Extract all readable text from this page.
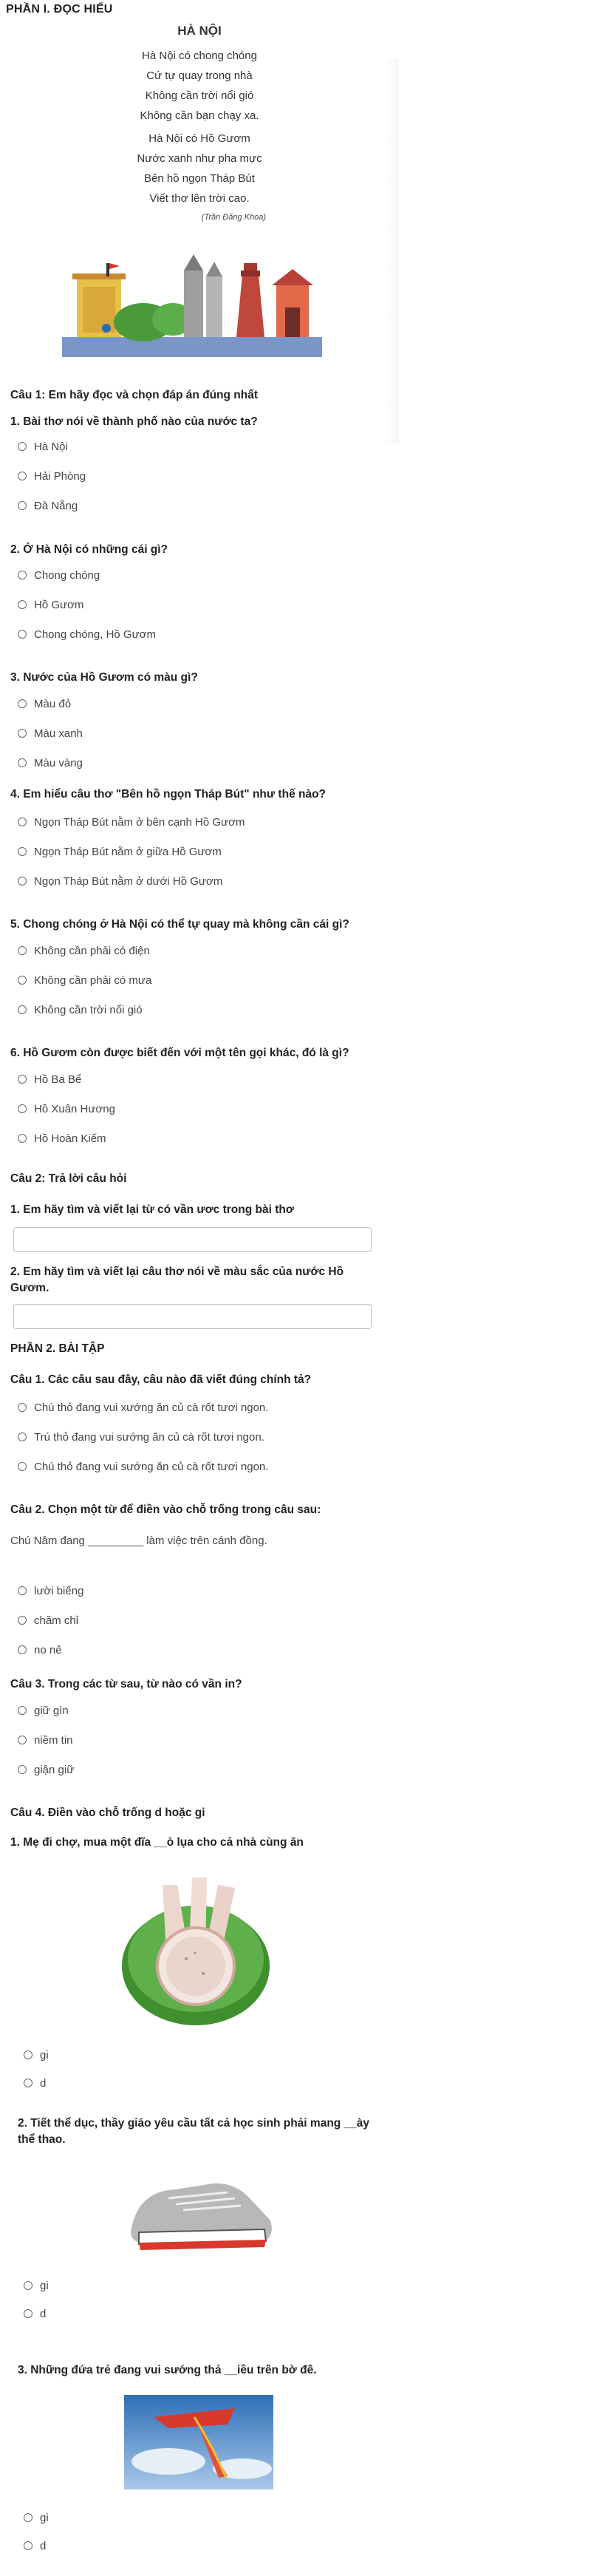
PHẦN I. ĐỌC HIỂU
HÀ NỘI
Hà Nội có chong chóng
Cứ tự quay trong nhà
Không cần trời nổi gió
Không cần bạn chạy xa.
Hà Nội có Hồ Gươm
Nước xanh như pha mực
Bên hồ ngọn Tháp Bút
Viết thơ lên trời cao.
(Trần Đăng Khoa)
Câu 1: Em hãy đọc và chọn đáp án đúng nhất
1. Bài thơ nói về thành phố nào của nước ta?
Hà Nội
Hải Phòng
Đà Nẵng
2. Ở Hà Nội có những cái gì?
Chong chóng
Hồ Gươm
Chong chóng, Hồ Gươm
3. Nước của Hồ Gươm có màu gì?
Màu đỏ
Màu xanh
Màu vàng
4. Em hiểu câu thơ "Bên hồ ngọn Tháp Bút" như thế nào?
Ngọn Tháp Bút nằm ở bên cạnh Hồ Gươm
Ngọn Tháp Bút nằm ở giữa Hồ Gươm
Ngọn Tháp Bút nằm ở dưới Hồ Gươm
5. Chong chóng ở Hà Nội có thể tự quay mà không cần cái gì?
Không cần phải có điện
Không cần phải có mưa
Không cần trời nổi gió
6. Hồ Gươm còn được biết đến với một tên gọi khác, đó là gì?
Hồ Ba Bể
Hồ Xuân Hương
Hồ Hoàn Kiếm
Câu 2: Trả lời câu hỏi
1. Em hãy tìm và viết lại từ có vần ươc trong bài thơ
2. Em hãy tìm và viết lại câu thơ nói về màu sắc của nước Hồ Gươm.
PHẦN 2. BÀI TẬP
Câu 1. Các câu sau đây, câu nào đã viết đúng chính tả?
Chú thỏ đang vui xướng ăn củ cà rốt tươi ngon.
Trú thỏ đang vui sướng ăn củ cà rốt tươi ngon.
Chú thỏ đang vui sướng ăn củ cà rốt tươi ngon.
Câu 2. Chọn một từ để điền vào chỗ trống trong câu sau:
Chú Nâm đang _________ làm việc trên cánh đồng.
lười biếng
chăm chỉ
no nê
Câu 3. Trong các từ sau, từ nào có vần in?
giữ gìn
niềm tin
giận giữ
Câu 4. Điền vào chỗ trống d hoặc gi
1. Mẹ đi chợ, mua một đĩa __ò lụa cho cả nhà cùng ăn
gi
d
2. Tiết thể dục, thầy giáo yêu cầu tất cả học sinh phải mang __ày thể thao.
gi
d
3. Những đứa trẻ đang vui sướng thả __iều trên bờ đê.
gi
d
